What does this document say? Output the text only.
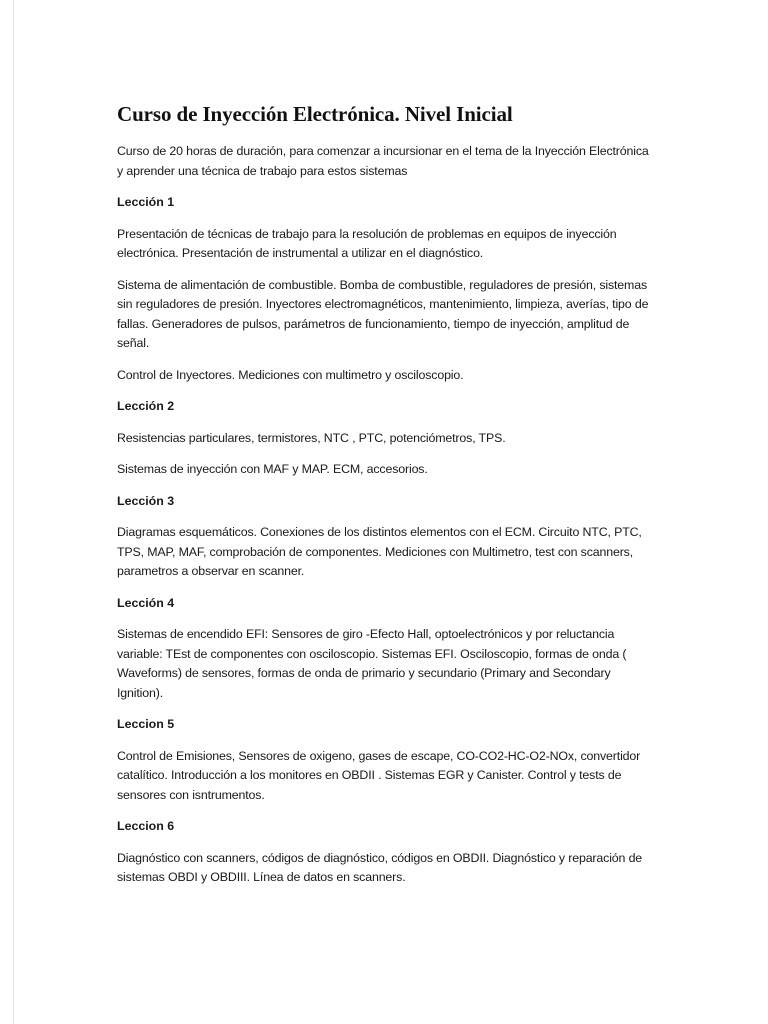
Curso de Inyección Electrónica. Nivel Inicial

Curso de 20 horas de duración, para comenzar a incursionar en el tema de la Inyección Electrónica y aprender una técnica de trabajo para estos sistemas

Lección 1

Presentación de técnicas de trabajo para la resolución de problemas en equipos de inyección electrónica. Presentación de instrumental a utilizar en el diagnóstico.

Sistema de alimentación de combustible. Bomba de combustible, reguladores de presión, sistemas sin reguladores de presión. Inyectores electromagnéticos, mantenimiento, limpieza, averías, tipo de fallas. Generadores de pulsos, parámetros de funcionamiento, tiempo de inyección, amplitud de señal.

Control de Inyectores. Mediciones con multimetro y osciloscopio.

Lección 2

Resistencias particulares, termistores, NTC , PTC, potenciómetros, TPS.

Sistemas de inyección con MAF y MAP. ECM, accesorios.

Lección 3

Diagramas esquemáticos. Conexiones de los distintos elementos con el ECM. Circuito NTC, PTC, TPS, MAP, MAF, comprobación de componentes. Mediciones con Multimetro, test con scanners, parametros a observar en scanner.

Lección 4

Sistemas de encendido EFI: Sensores de giro -Efecto Hall, optoelectrónicos y por reluctancia variable: TEst de componentes con osciloscopio. Sistemas EFI. Osciloscopio, formas de onda ( Waveforms) de sensores, formas de onda de primario y secundario (Primary and Secondary Ignition).

Leccion 5

Control de Emisiones, Sensores de oxigeno, gases de escape, CO-CO2-HC-O2-NOx, convertidor catalítico. Introducción a los monitores en OBDII . Sistemas EGR y Canister. Control y tests de sensores con isntrumentos.

Leccion 6

Diagnóstico con scanners, códigos de diagnóstico, códigos en OBDII. Diagnóstico y reparación de sistemas OBDI y OBDIII. Línea de datos en scanners.
